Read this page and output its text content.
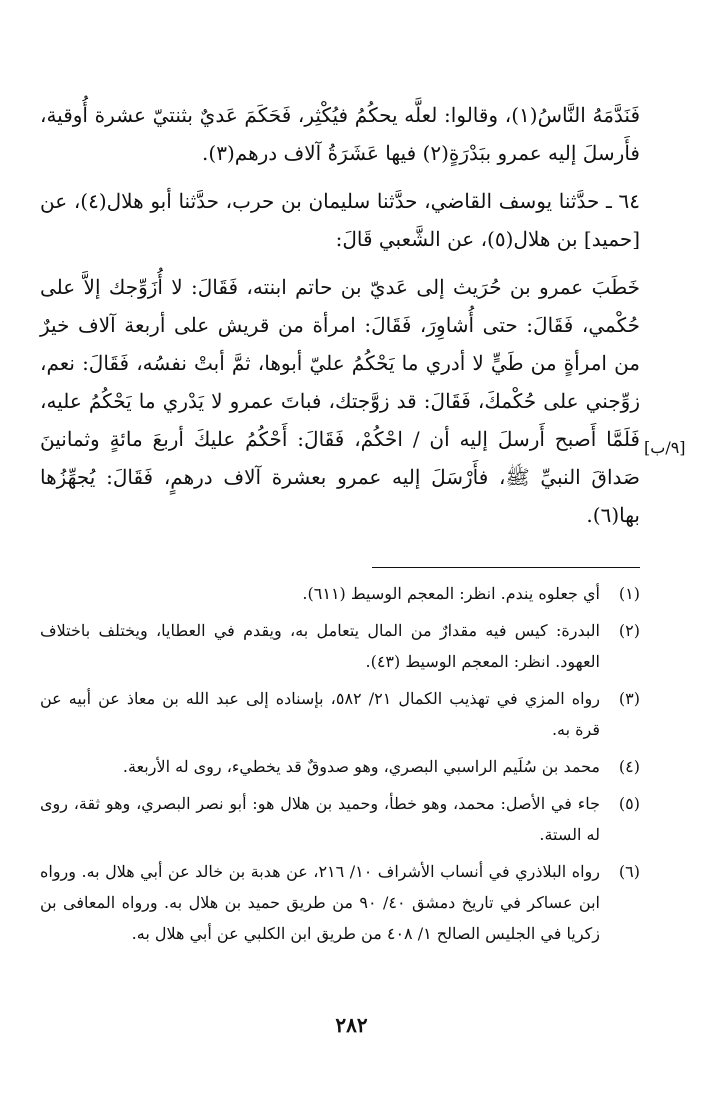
فَنَدَّمَهُ النَّاسُ(١)، وقالوا: لعلَّه يحكُمُ فيُكْثِر، فَحَكَمَ عَديٌ بثنتيّ عشرة أُوقية، فأَرسلَ إليه عمرو ببَدْرَةٍ(٢) فيها عَشَرَةُ آلاف درهم(٣).

٦٤ ـ حدَّثنا يوسف القاضي، حدَّثنا سليمان بن حرب، حدَّثنا أبو هلال(٤)، عن [حميد] بن هلال(٥)، عن الشَّعبي قَالَ:

خَطَبَ عمرو بن حُرَيث إلى عَديّ بن حاتم ابنته، فَقَالَ: لا أُزَوِّجك إلاَّ على حُكْمي، فَقَالَ: حتى أُشاوِرَ، فَقَالَ: امرأة من قريش على أربعة آلاف خيرٌ من امرأةٍ من طَيٍّ لا أدري ما يَحْكُمُ عليّ أبوها، ثمَّ أبتْ نفسُه، فَقَالَ: نعم، زوِّجني على حُكْمكَ، فَقَالَ: قد زوَّجتك، فباتَ عمرو لا يَدْري ما يَحْكُمُ عليه، فَلَمَّا أَصبح أَرسلَ إليه أن / احْكُمْ، فَقَالَ: أَحْكُمُ عليكَ أربعَ مائةٍ وثمانينَ صَداقَ النبيِّ ﷺ، فأَرْسَلَ إليه عمرو بعشرة آلاف درهمٍ، فَقَالَ: يُجهِّزُها بها(٦).

[٩/ب]
(١)
أي جعلوه يندم. انظر: المعجم الوسيط (٦١١).
(٢)
البدرة: كيس فيه مقدارٌ من المال يتعامل به، ويقدم في العطايا، ويختلف باختلاف العهود. انظر: المعجم الوسيط (٤٣).
(٣)
رواه المزي في تهذيب الكمال ٢١/ ٥٨٢، بإسناده إلى عبد الله بن معاذ عن أبيه عن قرة به.
(٤)
محمد بن سُلَيم الراسبي البصري، وهو صدوقٌ قد يخطيء، روى له الأربعة.
(٥)
جاء في الأصل: محمد، وهو خطأ، وحميد بن هلال هو: أبو نصر البصري، وهو ثقة، روى له الستة.
(٦)
رواه البلاذري في أنساب الأشراف ١٠/ ٢١٦، عن هدبة بن خالد عن أبي هلال به. ورواه ابن عساكر في تاريخ دمشق ٤٠/ ٩٠ من طريق حميد بن هلال به. ورواه المعافى بن زكريا في الجليس الصالح ١/ ٤٠٨ من طريق ابن الكلبي عن أبي هلال به.
٢٨٢
